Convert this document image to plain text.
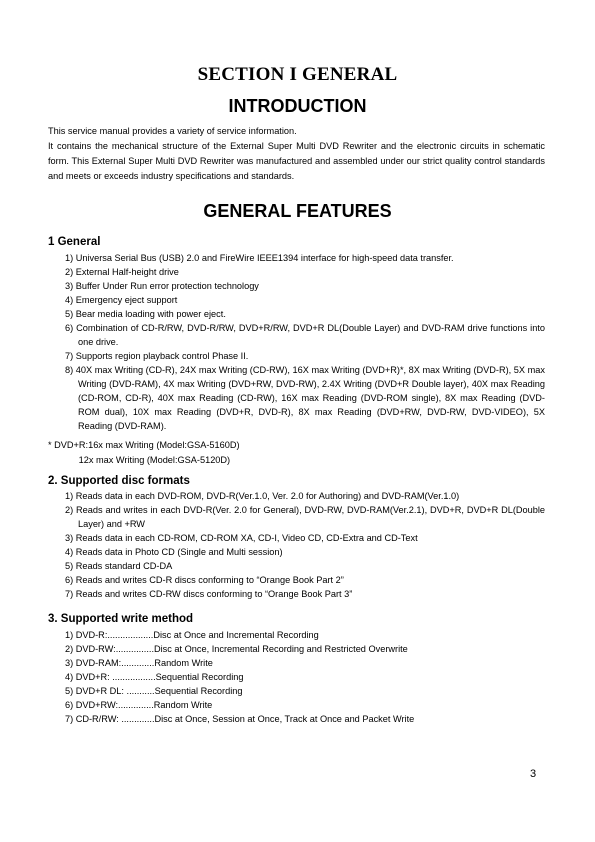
SECTION I GENERAL
INTRODUCTION

This service manual provides a variety of service information.

It contains the mechanical structure of the External Super Multi DVD Rewriter and the electronic circuits in schematic form. This External Super Multi DVD Rewriter was manufactured and assembled under our strict quality control standards and meets or exceeds industry specifications and standards.

GENERAL FEATURES
1 General
1) Universa Serial Bus (USB) 2.0 and FireWire IEEE1394 interface for high-speed data transfer.
2) External Half-height drive
3) Buffer Under Run error protection technology
4) Emergency eject support
5) Bear media loading with power eject.
6) Combination of CD-R/RW, DVD-R/RW, DVD+R/RW, DVD+R DL(Double Layer) and DVD-RAM drive functions into one drive.
7) Supports region playback control Phase II.
8) 40X max Writing (CD-R), 24X max Writing (CD-RW), 16X max Writing (DVD+R)*, 8X max Writing (DVD-R), 5X max Writing (DVD-RAM), 4X max Writing (DVD+RW, DVD-RW), 2.4X Writing (DVD+R Double layer), 40X max Reading (CD-ROM, CD-R), 40X max Reading (CD-RW), 16X max Reading (DVD-ROM single), 8X max Reading (DVD-ROM dual), 10X max Reading (DVD+R, DVD-R), 8X max Reading (DVD+RW, DVD-RW, DVD-VIDEO), 5X Reading (DVD-RAM).
* DVD+R:16x max Writing (Model:GSA-5160D)
12x max Writing (Model:GSA-5120D)
2. Supported disc formats
1) Reads data in each DVD-ROM, DVD-R(Ver.1.0, Ver. 2.0 for Authoring) and DVD-RAM(Ver.1.0)
2) Reads and writes in each DVD-R(Ver. 2.0 for General), DVD-RW, DVD-RAM(Ver.2.1), DVD+R, DVD+R DL(Double Layer) and +RW
3) Reads data in each CD-ROM, CD-ROM XA, CD-I, Video CD, CD-Extra and CD-Text
4) Reads data in Photo CD (Single and Multi session)
5) Reads standard CD-DA
6) Reads and writes CD-R discs conforming to “Orange Book Part 2”
7) Reads and writes CD-RW discs conforming to “Orange Book Part 3”
3. Supported write method
1) DVD-R:..................Disc at Once and Incremental Recording
2) DVD-RW:...............Disc at Once, Incremental Recording and Restricted Overwrite
3) DVD-RAM:.............Random Write
4) DVD+R: .................Sequential Recording
5) DVD+R DL: ...........Sequential Recording
6) DVD+RW:..............Random Write
7) CD-R/RW: .............Disc at Once, Session at Once, Track at Once and Packet Write
3
